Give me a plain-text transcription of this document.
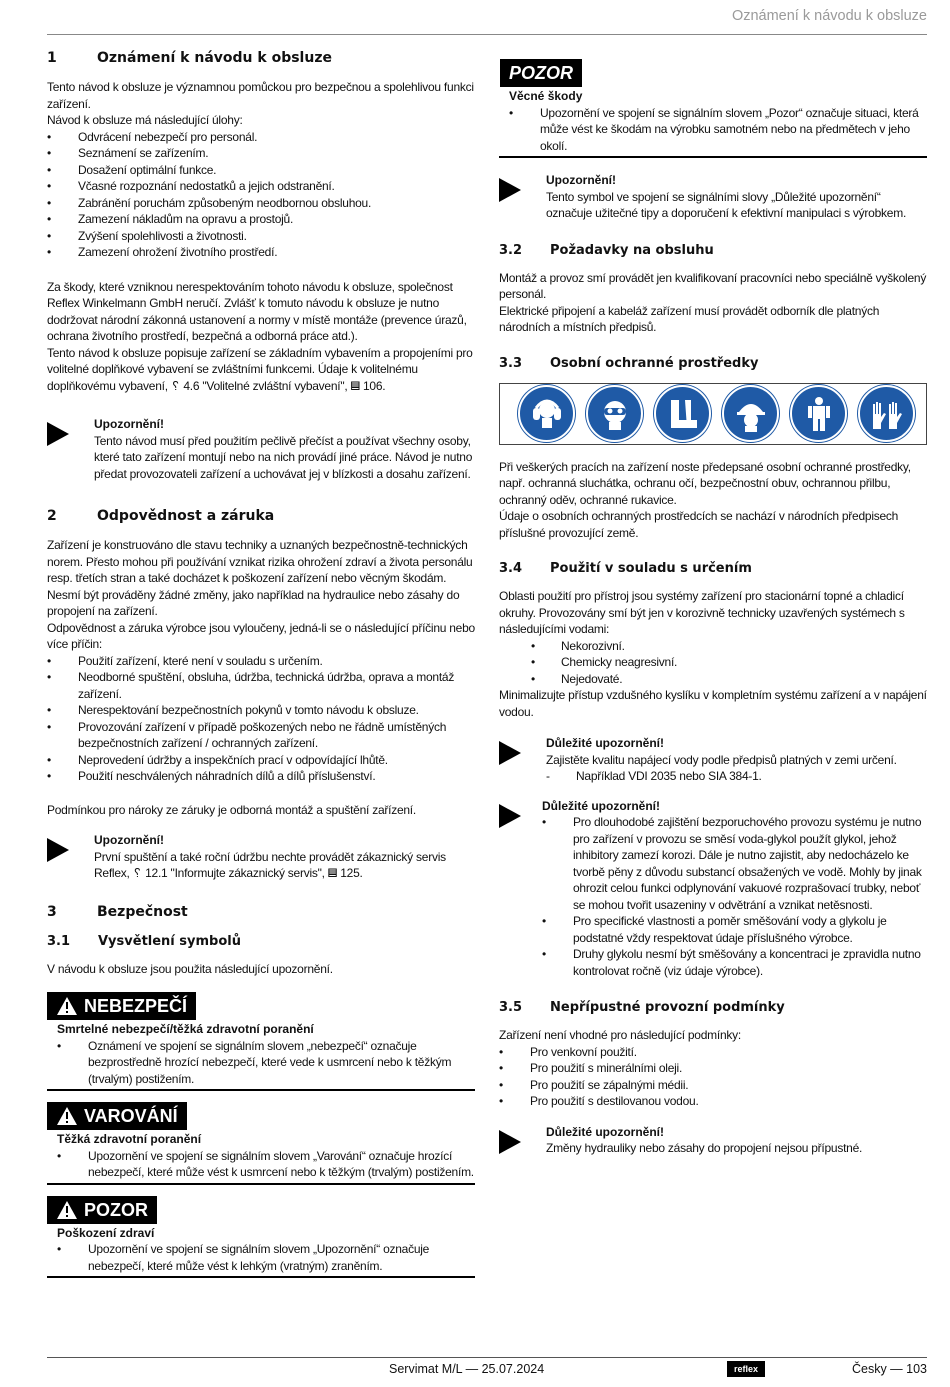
Oznámení k návodu k obsluze
1	Oznámení k návodu k obsluze

Tento návod k obsluze je významnou pomůckou pro bezpečnou a spolehlivou funkci zařízení.

Návod k obsluze má následující úlohy:

• Odvrácení nebezpečí pro personál.
• Seznámení se zařízením.
• Dosažení optimální funkce.
• Včasné rozpoznání nedostatků a jejich odstranění.
• Zabránění poruchám způsobeným neodbornou obsluhou.
• Zamezení nákladům na opravu a prostojů.
• Zvýšení spolehlivosti a životnosti.
• Zamezení ohrožení životního prostředí.

Za škody, které vzniknou nerespektováním tohoto návodu k obsluze, společnost Reflex Winkelmann GmbH neručí. Zvlášť k tomuto návodu k obsluze je nutno dodržovat národní zákonná ustanovení a normy v místě montáže (prevence úrazů, ochrana životního prostředí, bezpečná a odborná práce atd.).

Tento návod k obsluze popisuje zařízení se základním vybavením a propojeními pro volitelné doplňkové vybavení se zvláštními funkcemi. Údaje k volitelnému doplňkovému vybavení, ␦ 4.6 "Volitelné zvláštní vybavení", ▤ 106.

Upozornění!

Tento návod musí před použitím pečlivě přečíst a používat všechny osoby, které tato zařízení montují nebo na nich provádí jiné práce. Návod je nutno předat provozovateli zařízení a uchovávat jej v blízkosti a dosahu zařízení.

2	Odpovědnost a záruka

Zařízení je konstruováno dle stavu techniky a uznaných bezpečnostně-technických norem. Přesto mohou při používání vznikat rizika ohrožení zdraví a života personálu resp. třetích stran a také docházet k poškození zařízení nebo věcným škodám.

Nesmí být prováděny žádné změny, jako například na hydraulice nebo zásahy do propojení na zařízení.

Odpovědnost a záruka výrobce jsou vyloučeny, jedná-li se o následující příčinu nebo více příčin:

• Použití zařízení, které není v souladu s určením.
• Neodborné spuštění, obsluha, údržba, technická údržba, oprava a montáž zařízení.
• Nerespektování bezpečnostních pokynů v tomto návodu k obsluze.
• Provozování zařízení v případě poškozených nebo ne řádně umístěných bezpečnostních zařízení / ochranných zařízení.
• Neprovedení údržby a inspekčních prací v odpovídající lhůtě.
• Použití neschválených náhradních dílů a dílů příslušenství.

Podmínkou pro nároky ze záruky je odborná montáž a spuštění zařízení.

Upozornění!

První spuštění a také roční údržbu nechte provádět zákaznický servis Reflex, ␦ 12.1 "Informujte zákaznický servis", ▤ 125.

3	Bezpečnost
3.1	Vysvětlení symbolů

V návodu k obsluze jsou použita následující upozornění.

NEBEZPEČÍ

Smrtelné nebezpečí/těžká zdravotní poranění

• Oznámení ve spojení se signálním slovem „nebezpečí“ označuje bezprostředně hrozící nebezpečí, které vede k usmrcení nebo k těžkým (trvalým) postižením.
VAROVÁNÍ

Těžká zdravotní poranění

• Upozornění ve spojení se signálním slovem „Varování“ označuje hrozící nebezpečí, které může vést k usmrcení nebo k těžkým (trvalým) postižením.
POZOR

Poškození zdraví

• Upozornění ve spojení se signálním slovem „Upozornění“ označuje nebezpečí, které může vést k lehkým (vratným) zraněním.
POZOR

Věcné škody

• Upozornění ve spojení se signálním slovem „Pozor“ označuje situaci, která může vést ke škodám na výrobku samotném nebo na předmětech v jeho okolí.

Upozornění!

Tento symbol ve spojení se signálními slovy „Důležité upozornění“ označuje užitečné tipy a doporučení k efektivní manipulaci s výrobkem.

3.2	Požadavky na obsluhu

Montáž a provoz smí provádět jen kvalifikovaní pracovníci nebo speciálně vyškolený personál.

Elektrické připojení a kabeláž zařízení musí provádět odborník dle platných národních a místních předpisů.

3.3	Osobní ochranné prostředky

Při veškerých pracích na zařízení noste předepsané osobní ochranné prostředky, např. ochranná sluchátka, ochranu očí, bezpečnostní obuv, ochrannou přilbu, ochranný oděv, ochranné rukavice.

Údaje o osobních ochranných prostředcích se nachází v národních předpisech příslušné provozující země.

3.4	Použití v souladu s určením

Oblasti použití pro přístroj jsou systémy zařízení pro stacionární topné a chladicí okruhy. Provozovány smí být jen v korozivně technicky uzavřených systémech s následujícími vodami:

• Nekorozivní.
• Chemicky neagresivní.
• Nejedovaté.

Minimalizujte přístup vzdušného kyslíku v kompletním systému zařízení a v napájení vodou.

Důležité upozornění!

Zajistěte kvalitu napájecí vody podle předpisů platných v zemi určení.

- Například VDI 2035 nebo SIA 384-1.

Důležité upozornění!

• Pro dlouhodobé zajištění bezporuchového provozu systému je nutno pro zařízení v provozu se směsí voda-glykol použít glykol, jehož inhibitory zamezí korozi. Dále je nutno zajistit, aby nedocházelo ke tvorbě pěny z důvodu substancí obsažených ve vodě. Mohly by jinak ohrozit celou funkci odplynování vakuové rozprašovací trubky, neboť se mohou tvořit usazeniny v odvětrání a vznikat netěsnosti.
• Pro specifické vlastnosti a poměr směšování vody a glykolu je podstatné vždy respektovat údaje příslušného výrobce.
• Druhy glykolu nesmí být směšovány a koncentraci je zpravidla nutno kontrolovat ročně (viz údaje výrobce).
3.5	Nepřípustné provozní podmínky

Zařízení není vhodné pro následující podmínky:

• Pro venkovní použití.
• Pro použití s minerálními oleji.
• Pro použití se zápalnými médii.
• Pro použití s destilovanou vodou.

Důležité upozornění!

Změny hydrauliky nebo zásahy do propojení nejsou přípustné.

Servimat M/L — 25.07.2024	reflex	Česky — 103
